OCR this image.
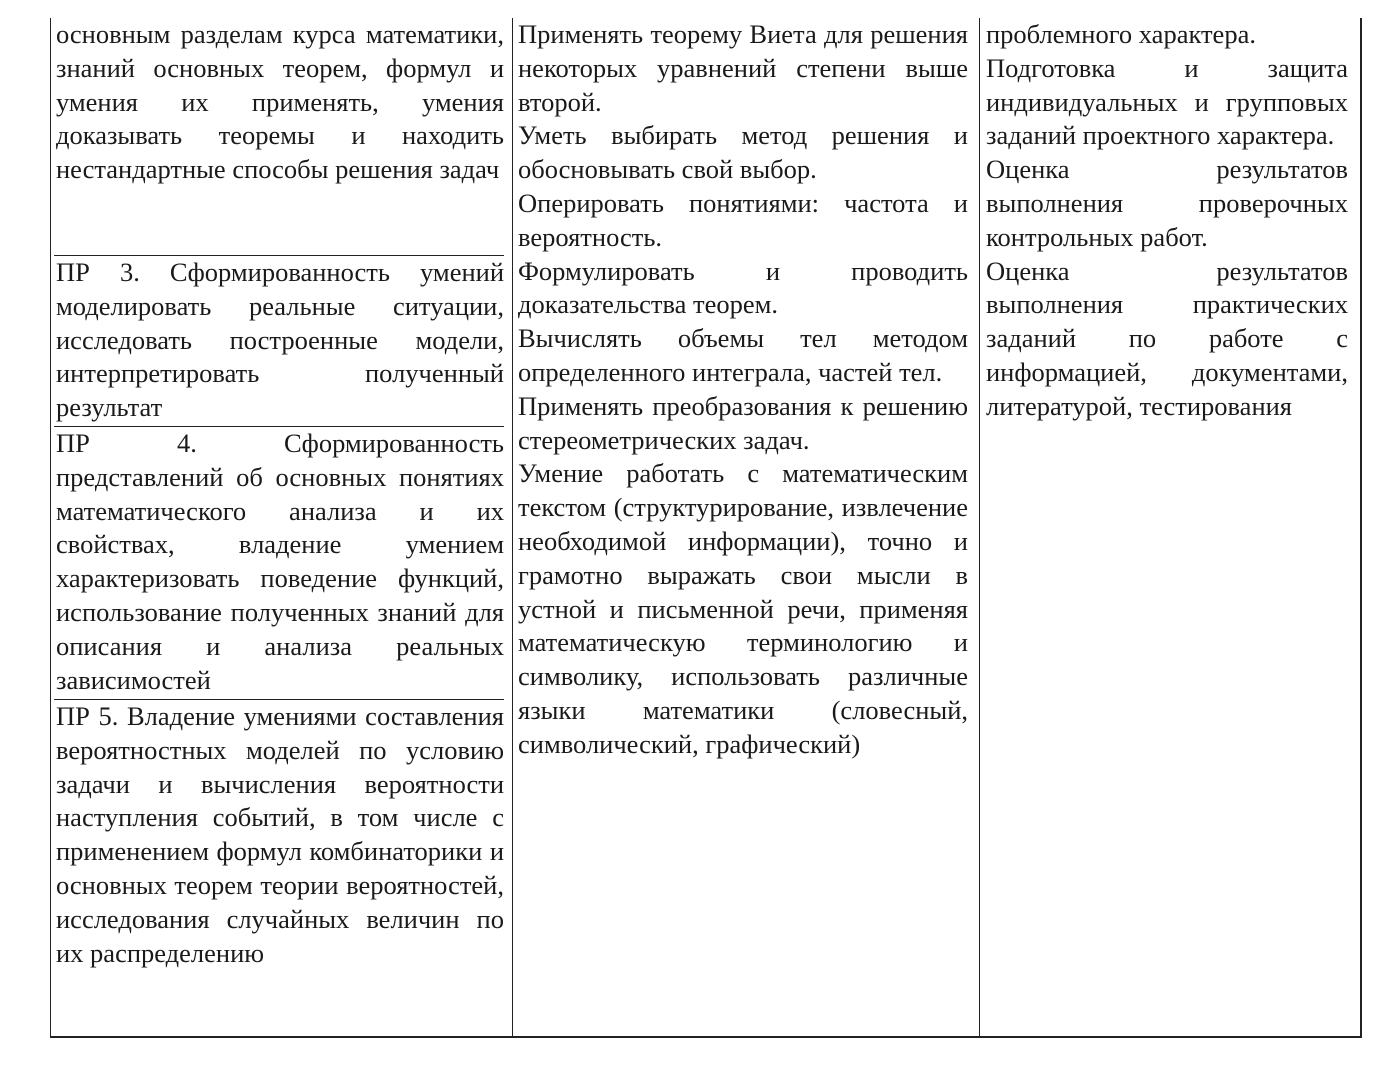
основным разделам курса математики, знаний основных теорем, формул и умения их применять, умения доказывать теоремы и находить нестандартные способы решения задач

ПР 3. Сформированность умений моделировать реальные ситуации, исследовать построенные модели, интерпретировать полученный результат

ПР 4. Сформированность представлений об основных понятиях математического анализа и их свойствах, владение умением характеризовать поведение функций, использование полученных знаний для описания и анализа реальных зависимостей

ПР 5. Владение умениями составления вероятностных моделей по условию задачи и вычисления вероятности наступления событий, в том числе с применением формул комбинаторики и основных теорем теории вероятностей, исследования случайных величин по их распределению

Применять теорему Виета для решения некоторых уравнений степени выше второй.

Уметь выбирать метод решения и обосновывать свой выбор.

Оперировать понятиями: частота и вероятность.

Формулировать и проводить доказательства теорем.

Вычислять объемы тел методом определенного интеграла, частей тел.

Применять преобразования к решению стереометрических задач.

Умение работать с математическим текстом (структурирование, извлечение необходимой информации), точно и грамотно выражать свои мысли в устной и письменной речи, применяя математическую терминологию и символику, использовать различные языки математики (словесный, символический, графический)

проблемного характера.

Подготовка и защита индивидуальных и групповых заданий проектного характера.

Оценка результатов выполнения проверочных контрольных работ.

Оценка результатов выполнения практических заданий по работе с информацией, документами, литературой, тестирования
